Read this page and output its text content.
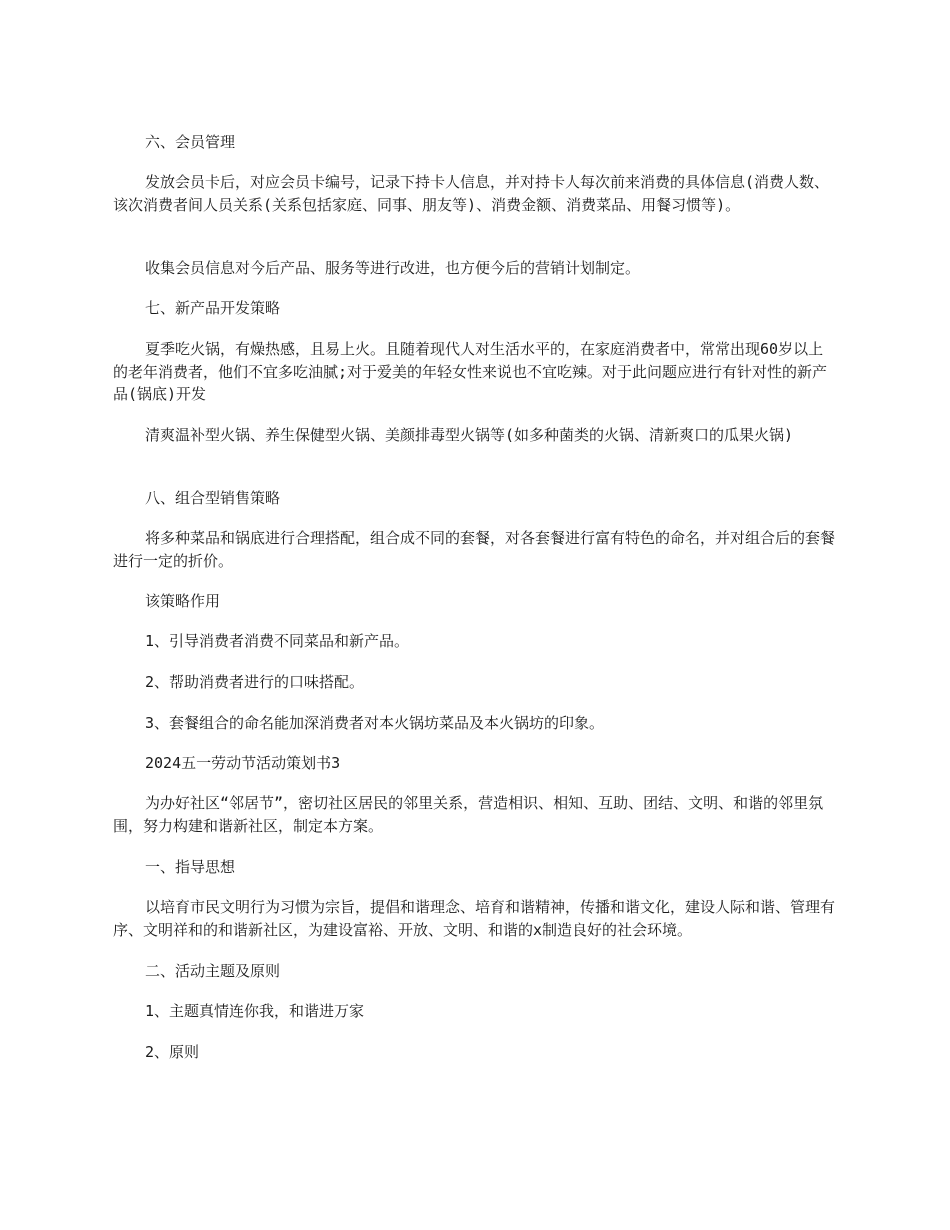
六、会员管理

发放会员卡后，对应会员卡编号，记录下持卡人信息，并对持卡人每次前来消费的具体信息(消费人数、该次消费者间人员关系(关系包括家庭、同事、朋友等)、消费金额、消费菜品、用餐习惯等)。

收集会员信息对今后产品、服务等进行改进，也方便今后的营销计划制定。

七、新产品开发策略

夏季吃火锅，有燥热感，且易上火。且随着现代人对生活水平的，在家庭消费者中，常常出现60岁以上的老年消费者，他们不宜多吃油腻;对于爱美的年轻女性来说也不宜吃辣。对于此问题应进行有针对性的新产品(锅底)开发

清爽温补型火锅、养生保健型火锅、美颜排毒型火锅等(如多种菌类的火锅、清新爽口的瓜果火锅)

八、组合型销售策略

将多种菜品和锅底进行合理搭配，组合成不同的套餐，对各套餐进行富有特色的命名，并对组合后的套餐进行一定的折价。

该策略作用

1、引导消费者消费不同菜品和新产品。

2、帮助消费者进行的口味搭配。

3、套餐组合的命名能加深消费者对本火锅坊菜品及本火锅坊的印象。

2024五一劳动节活动策划书3

为办好社区“邻居节”，密切社区居民的邻里关系，营造相识、相知、互助、团结、文明、和谐的邻里氛围，努力构建和谐新社区，制定本方案。

一、指导思想

以培育市民文明行为习惯为宗旨，提倡和谐理念、培育和谐精神，传播和谐文化，建设人际和谐、管理有序、文明祥和的和谐新社区，为建设富裕、开放、文明、和谐的x制造良好的社会环境。

二、活动主题及原则

1、主题真情连你我，和谐进万家

2、原则
